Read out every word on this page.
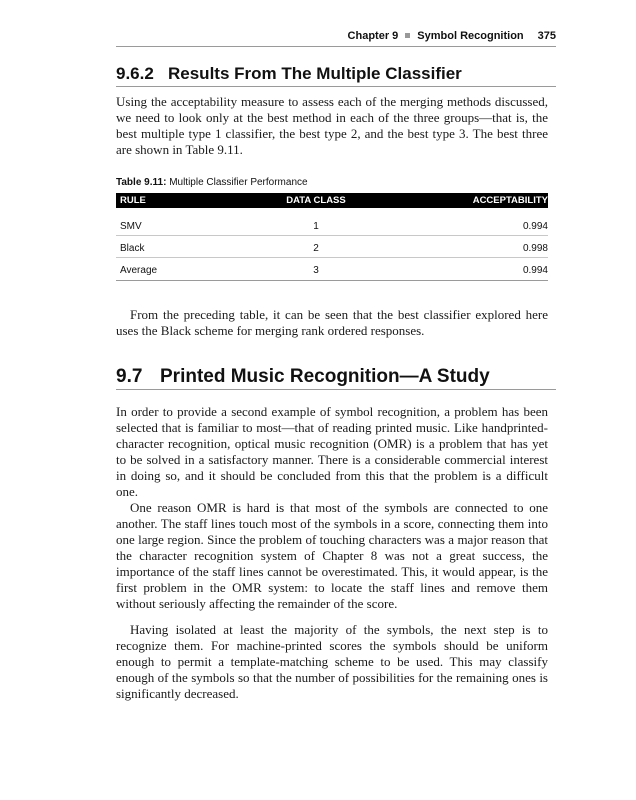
Chapter 9 Symbol Recognition 375
9.6.2 Results From The Multiple Classifier
Using the acceptability measure to assess each of the merging methods discussed, we need to look only at the best method in each of the three groups—that is, the best multiple type 1 classifier, the best type 2, and the best type 3. The best three are shown in Table 9.11.
Table 9.11: Multiple Classifier Performance
RULE	DATA CLASS	ACCEPTABILITY
SMV	1	0.994
Black	2	0.998
Average	3	0.994
From the preceding table, it can be seen that the best classifier explored here uses the Black scheme for merging rank ordered responses.
9.7 Printed Music Recognition—A Study
In order to provide a second example of symbol recognition, a problem has been selected that is familiar to most—that of reading printed music. Like handprinted-character recognition, optical music recognition (OMR) is a problem that has yet to be solved in a satisfactory manner. There is a considerable commercial interest in doing so, and it should be concluded from this that the problem is a difficult one.
One reason OMR is hard is that most of the symbols are connected to one another. The staff lines touch most of the symbols in a score, connecting them into one large region. Since the problem of touching characters was a major reason that the character recognition system of Chapter 8 was not a great success, the importance of the staff lines cannot be overestimated. This, it would appear, is the first problem in the OMR system: to locate the staff lines and remove them without seriously affecting the remainder of the score.
Having isolated at least the majority of the symbols, the next step is to recognize them. For machine-printed scores the symbols should be uniform enough to permit a template-matching scheme to be used. This may classify enough of the symbols so that the number of possibilities for the remaining ones is significantly decreased.
